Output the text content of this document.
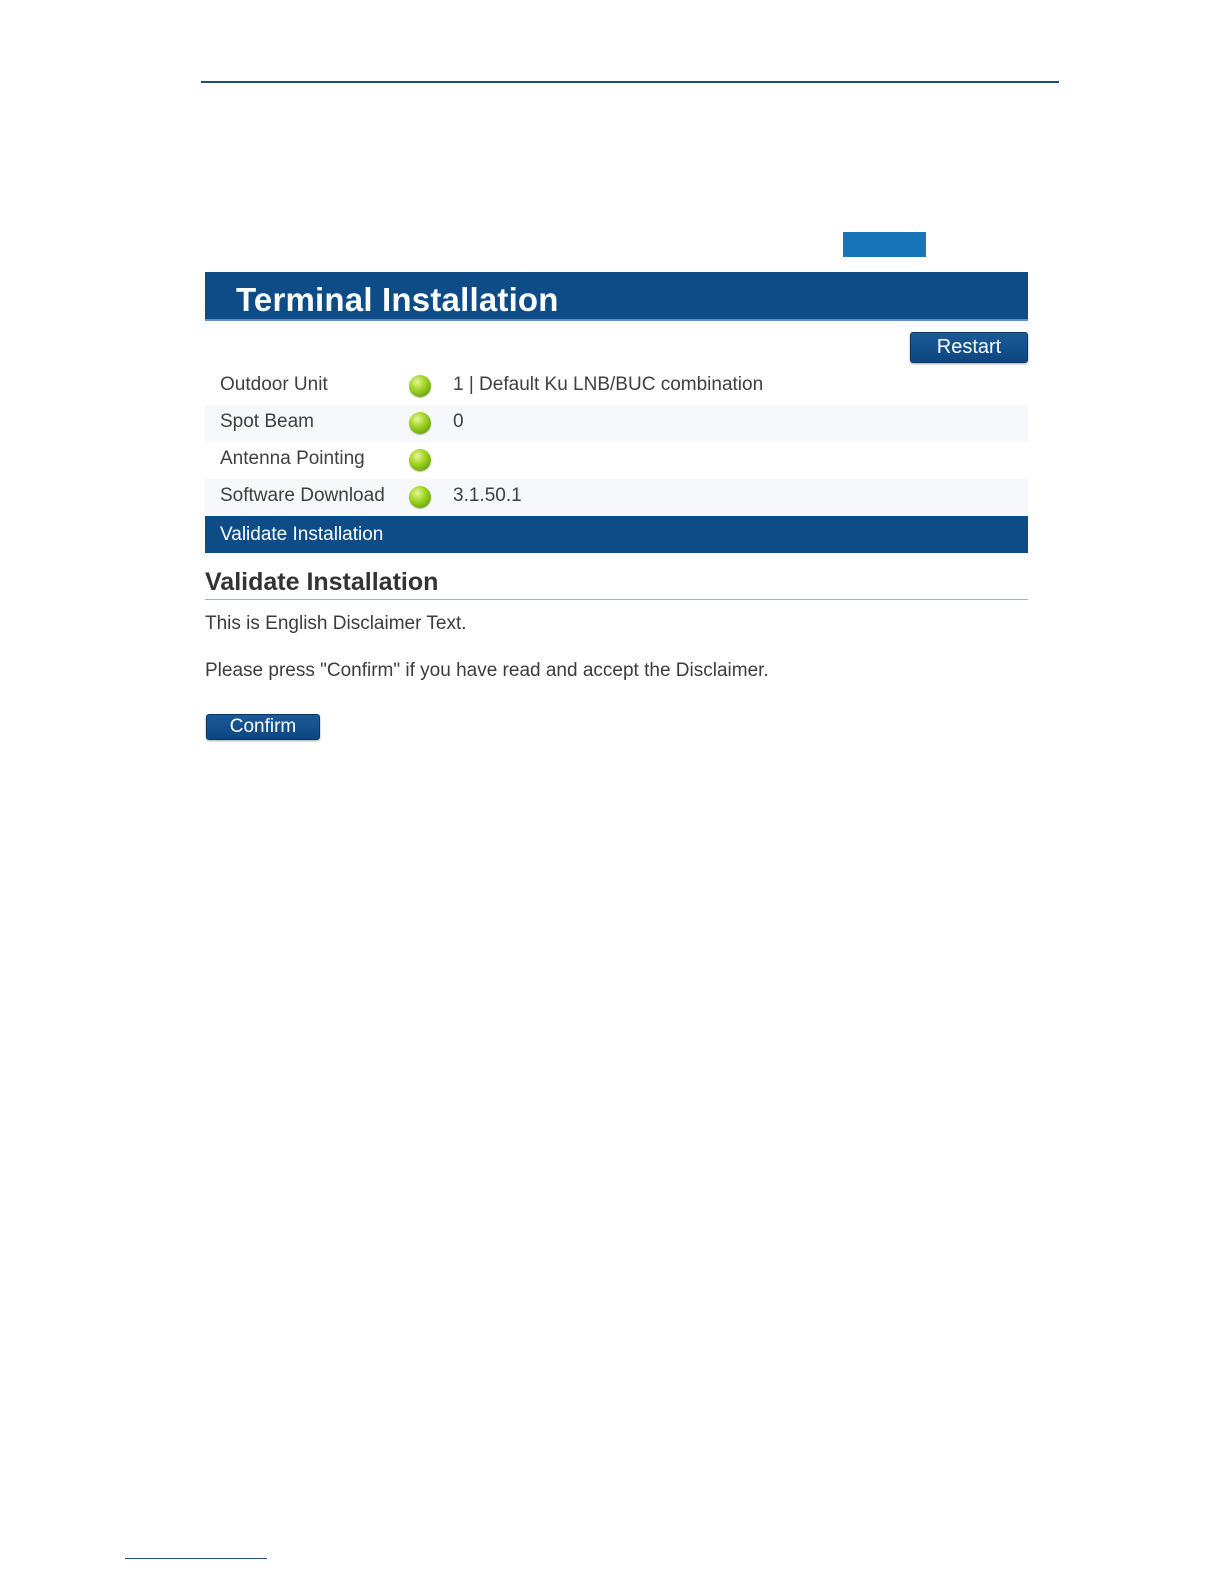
Terminal Installation
Restart
Outdoor Unit	1 | Default Ku LNB/BUC combination
Spot Beam	0
Antenna Pointing
Software Download	3.1.50.1
Validate Installation
Validate Installation
This is English Disclaimer Text.
Please press "Confirm" if you have read and accept the Disclaimer.
Confirm
